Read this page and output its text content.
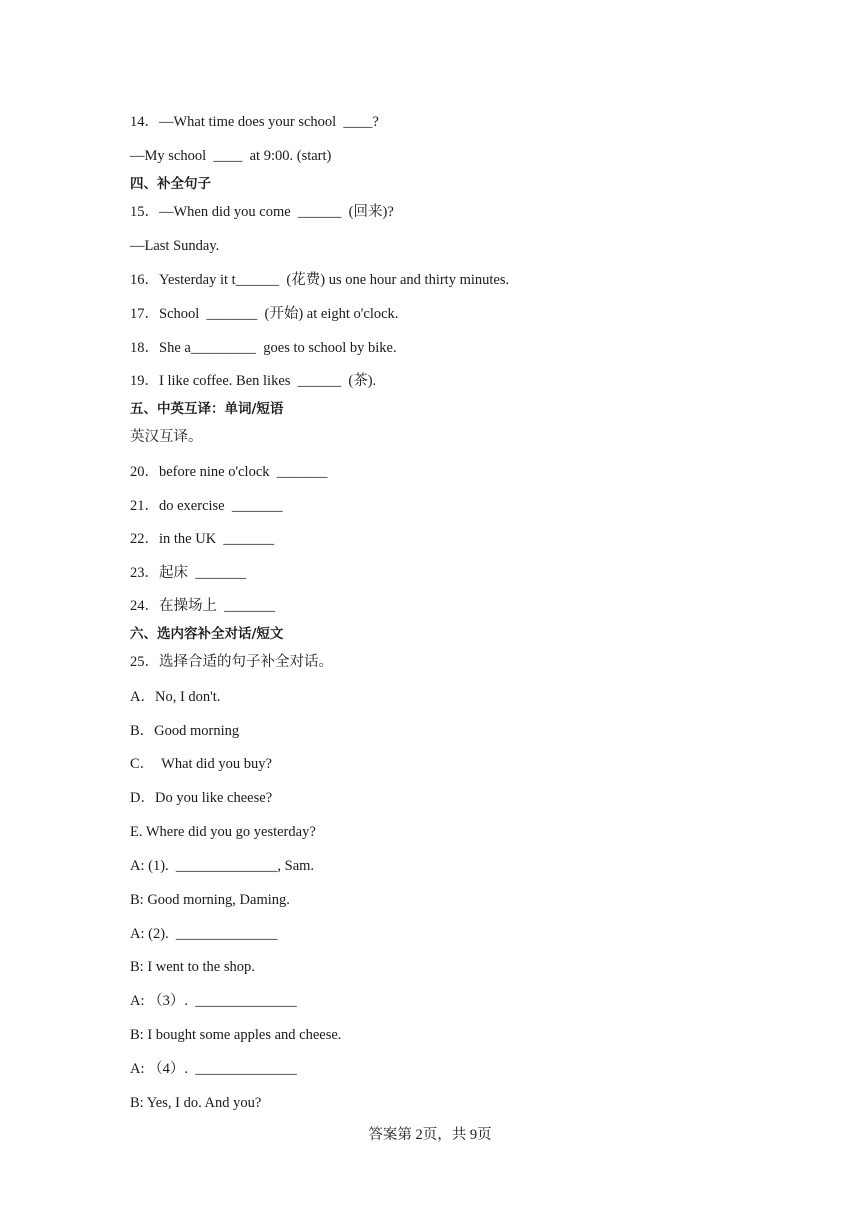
14．—What time does your school  ____?

—My school  ____  at 9:00. (start)

四、补全句子

15．—When did you come  ______  (回来)?

—Last Sunday.

16．Yesterday it t______  (花费) us one hour and thirty minutes.

17．School  _______  (开始) at eight o'clock.

18．She a_________  goes to school by bike.

19．I like coffee. Ben likes  ______  (茶).

五、中英互译：单词/短语

英汉互译。

20．before nine o'clock  _______

21．do exercise  _______

22．in the UK  _______

23．起床  _______

24．在操场上  _______

六、选内容补全对话/短文

25．选择合适的句子补全对话。

A．No, I don't.

B．Good morning

C．  What did you buy?

D．Do you like cheese?

E. Where did you go yesterday?

A: (1).  ______________, Sam.

B: Good morning, Daming.

A: (2).  ______________

B: I went to the shop.

A: （3）.  ______________

B: I bought some apples and cheese.

A: （4）.  ______________

B: Yes, I do. And you?

答案第 2页，共 9页
